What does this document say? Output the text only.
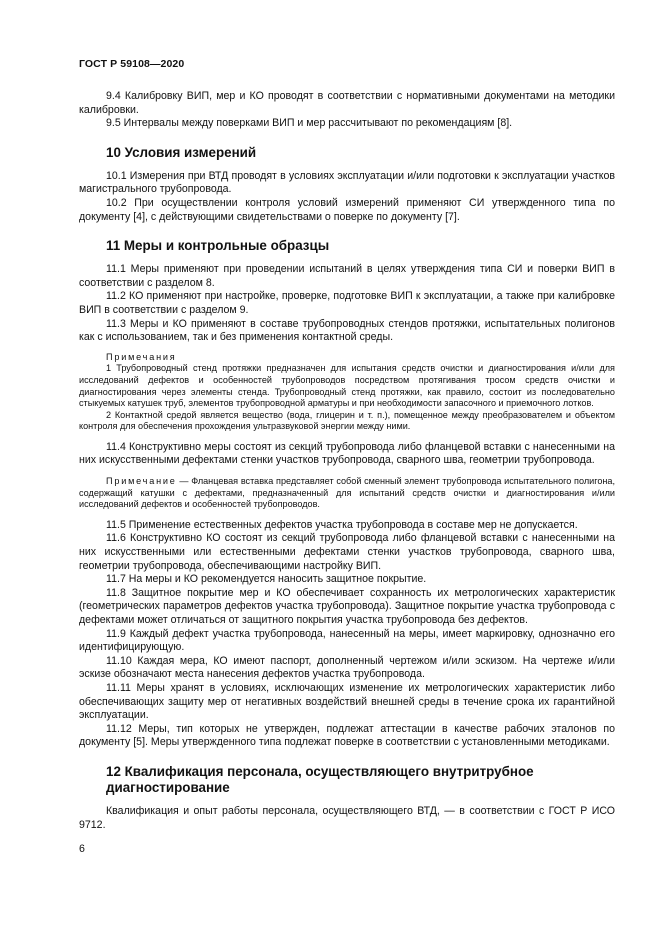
ГОСТ Р 59108—2020

9.4 Калибровку ВИП, мер и КО проводят в соответствии с нормативными документами на методики калибровки.

9.5 Интервалы между поверками ВИП и мер рассчитывают по рекомендациям [8].

10 Условия измерений

10.1 Измерения при ВТД проводят в условиях эксплуатации и/или подготовки к эксплуатации участков магистрального трубопровода.

10.2 При осуществлении контроля условий измерений применяют СИ утвержденного типа по документу [4], с действующими свидетельствами о поверке по документу [7].

11 Меры и контрольные образцы

11.1 Меры применяют при проведении испытаний в целях утверждения типа СИ и поверки ВИП в соответствии с разделом 8.

11.2 КО применяют при настройке, проверке, подготовке ВИП к эксплуатации, а также при калибровке ВИП в соответствии с разделом 9.

11.3 Меры и КО применяют в составе трубопроводных стендов протяжки, испытательных полигонов как с использованием, так и без применения контактной среды.

Примечания

1 Трубопроводный стенд протяжки предназначен для испытания средств очистки и диагностирования и/или для исследований дефектов и особенностей трубопроводов посредством протягивания тросом средств очистки и диагностирования через элементы стенда. Трубопроводный стенд протяжки, как правило, состоит из последовательно стыкуемых катушек труб, элементов трубопроводной арматуры и при необходимости запасочного и приемочного лотков.

2 Контактной средой является вещество (вода, глицерин и т. п.), помещенное между преобразователем и объектом контроля для обеспечения прохождения ультразвуковой энергии между ними.

11.4 Конструктивно меры состоят из секций трубопровода либо фланцевой вставки с нанесенными на них искусственными дефектами стенки участков трубопровода, сварного шва, геометрии трубопровода.

Примечание — Фланцевая вставка представляет собой сменный элемент трубопровода испытательного полигона, содержащий катушки с дефектами, предназначенный для испытаний средств очистки и диагностирования и/или исследований дефектов и особенностей трубопроводов.

11.5 Применение естественных дефектов участка трубопровода в составе мер не допускается.

11.6 Конструктивно КО состоят из секций трубопровода либо фланцевой вставки с нанесенными на них искусственными или естественными дефектами стенки участков трубопровода, сварного шва, геометрии трубопровода, обеспечивающими настройку ВИП.

11.7 На меры и КО рекомендуется наносить защитное покрытие.

11.8 Защитное покрытие мер и КО обеспечивает сохранность их метрологических характеристик (геометрических параметров дефектов участка трубопровода). Защитное покрытие участка трубопровода с дефектами может отличаться от защитного покрытия участка трубопровода без дефектов.

11.9 Каждый дефект участка трубопровода, нанесенный на меры, имеет маркировку, однозначно его идентифицирующую.

11.10 Каждая мера, КО имеют паспорт, дополненный чертежом и/или эскизом. На чертеже и/или эскизе обозначают места нанесения дефектов участка трубопровода.

11.11 Меры хранят в условиях, исключающих изменение их метрологических характеристик либо обеспечивающих защиту мер от негативных воздействий внешней среды в течение срока их гарантийной эксплуатации.

11.12 Меры, тип которых не утвержден, подлежат аттестации в качестве рабочих эталонов по документу [5]. Меры утвержденного типа подлежат поверке в соответствии с установленными методиками.

12 Квалификация персонала, осуществляющего внутритрубное диагностирование

Квалификация и опыт работы персонала, осуществляющего ВТД, — в соответствии с ГОСТ Р ИСО 9712.

6
